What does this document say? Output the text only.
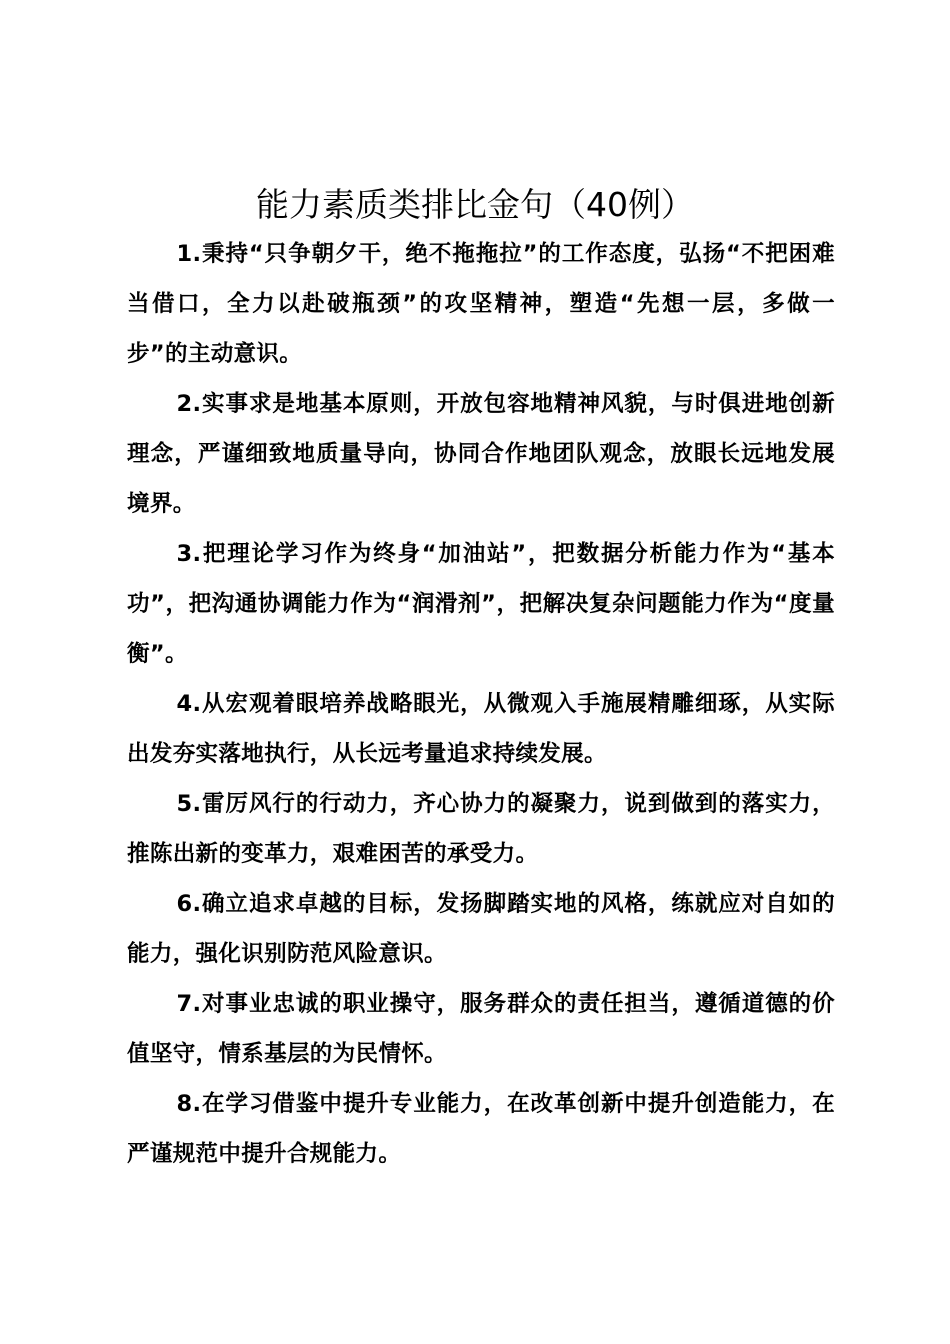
能力素质类排比金句（40例）

1.秉持“只争朝夕干，绝不拖拖拉”的工作态度，弘扬“不把困难当借口，全力以赴破瓶颈”的攻坚精神，塑造“先想一层，多做一步”的主动意识。

2.实事求是地基本原则，开放包容地精神风貌，与时俱进地创新理念，严谨细致地质量导向，协同合作地团队观念，放眼长远地发展境界。

3.把理论学习作为终身“加油站”，把数据分析能力作为“基本功”，把沟通协调能力作为“润滑剂”，把解决复杂问题能力作为“度量衡”。

4.从宏观着眼培养战略眼光，从微观入手施展精雕细琢，从实际出发夯实落地执行，从长远考量追求持续发展。

5.雷厉风行的行动力，齐心协力的凝聚力，说到做到的落实力，推陈出新的变革力，艰难困苦的承受力。

6.确立追求卓越的目标，发扬脚踏实地的风格，练就应对自如的能力，强化识别防范风险意识。

7.对事业忠诚的职业操守，服务群众的责任担当，遵循道德的价值坚守，情系基层的为民情怀。

8.在学习借鉴中提升专业能力，在改革创新中提升创造能力，在严谨规范中提升合规能力。
